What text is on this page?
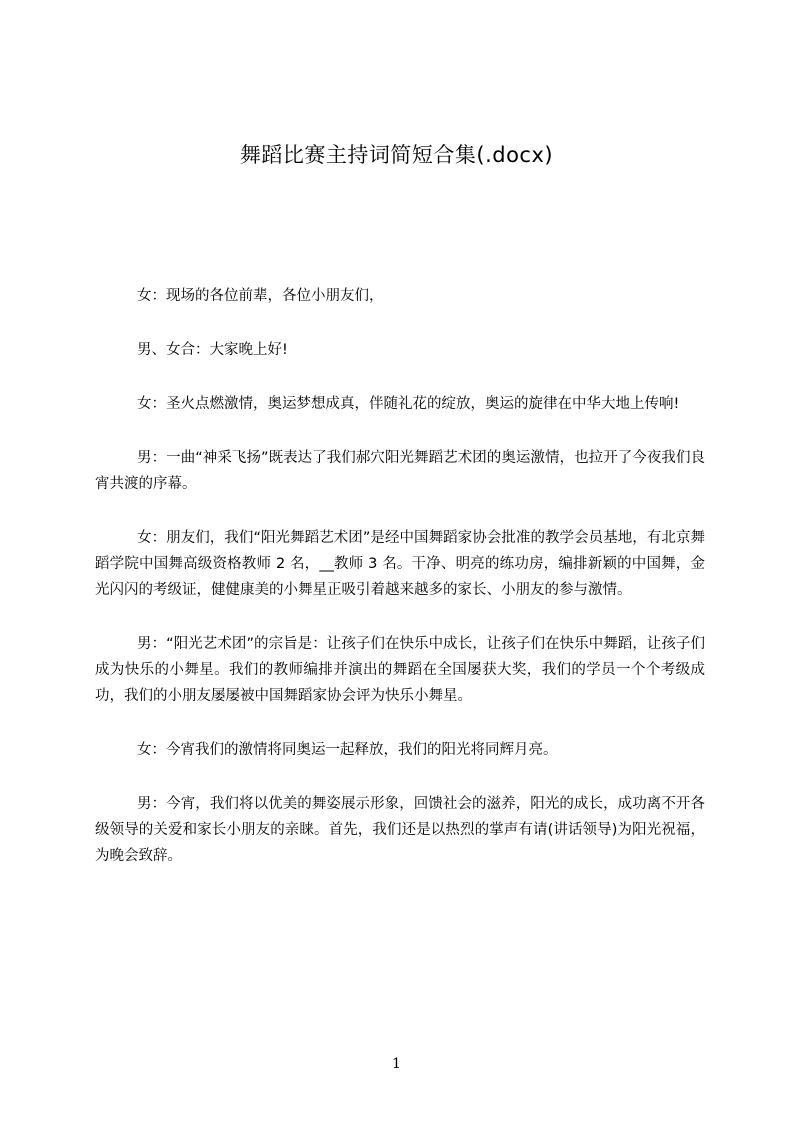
舞蹈比赛主持词简短合集(.docx)

女：现场的各位前辈，各位小朋友们，

男、女合：大家晚上好!

女：圣火点燃激情，奥运梦想成真，伴随礼花的绽放，奥运的旋律在中华大地上传响!

男：一曲“神采飞扬”既表达了我们郝穴阳光舞蹈艺术团的奥运激情，也拉开了今夜我们良宵共渡的序幕。

女：朋友们，我们“阳光舞蹈艺术团”是经中国舞蹈家协会批准的教学会员基地，有北京舞蹈学院中国舞高级资格教师 2 名，__教师 3 名。干净、明亮的练功房，编排新颖的中国舞，金光闪闪的考级证，健健康美的小舞星正吸引着越来越多的家长、小朋友的参与激情。

男：“阳光艺术团”的宗旨是：让孩子们在快乐中成长，让孩子们在快乐中舞蹈，让孩子们成为快乐的小舞星。我们的教师编排并演出的舞蹈在全国屡获大奖，我们的学员一个个考级成功，我们的小朋友屡屡被中国舞蹈家协会评为快乐小舞星。

女：今宵我们的激情将同奥运一起释放，我们的阳光将同辉月亮。

男：今宵，我们将以优美的舞姿展示形象，回馈社会的滋养，阳光的成长，成功离不开各级领导的关爱和家长小朋友的亲睐。首先，我们还是以热烈的掌声有请(讲话领导)为阳光祝福，为晚会致辞。

1
